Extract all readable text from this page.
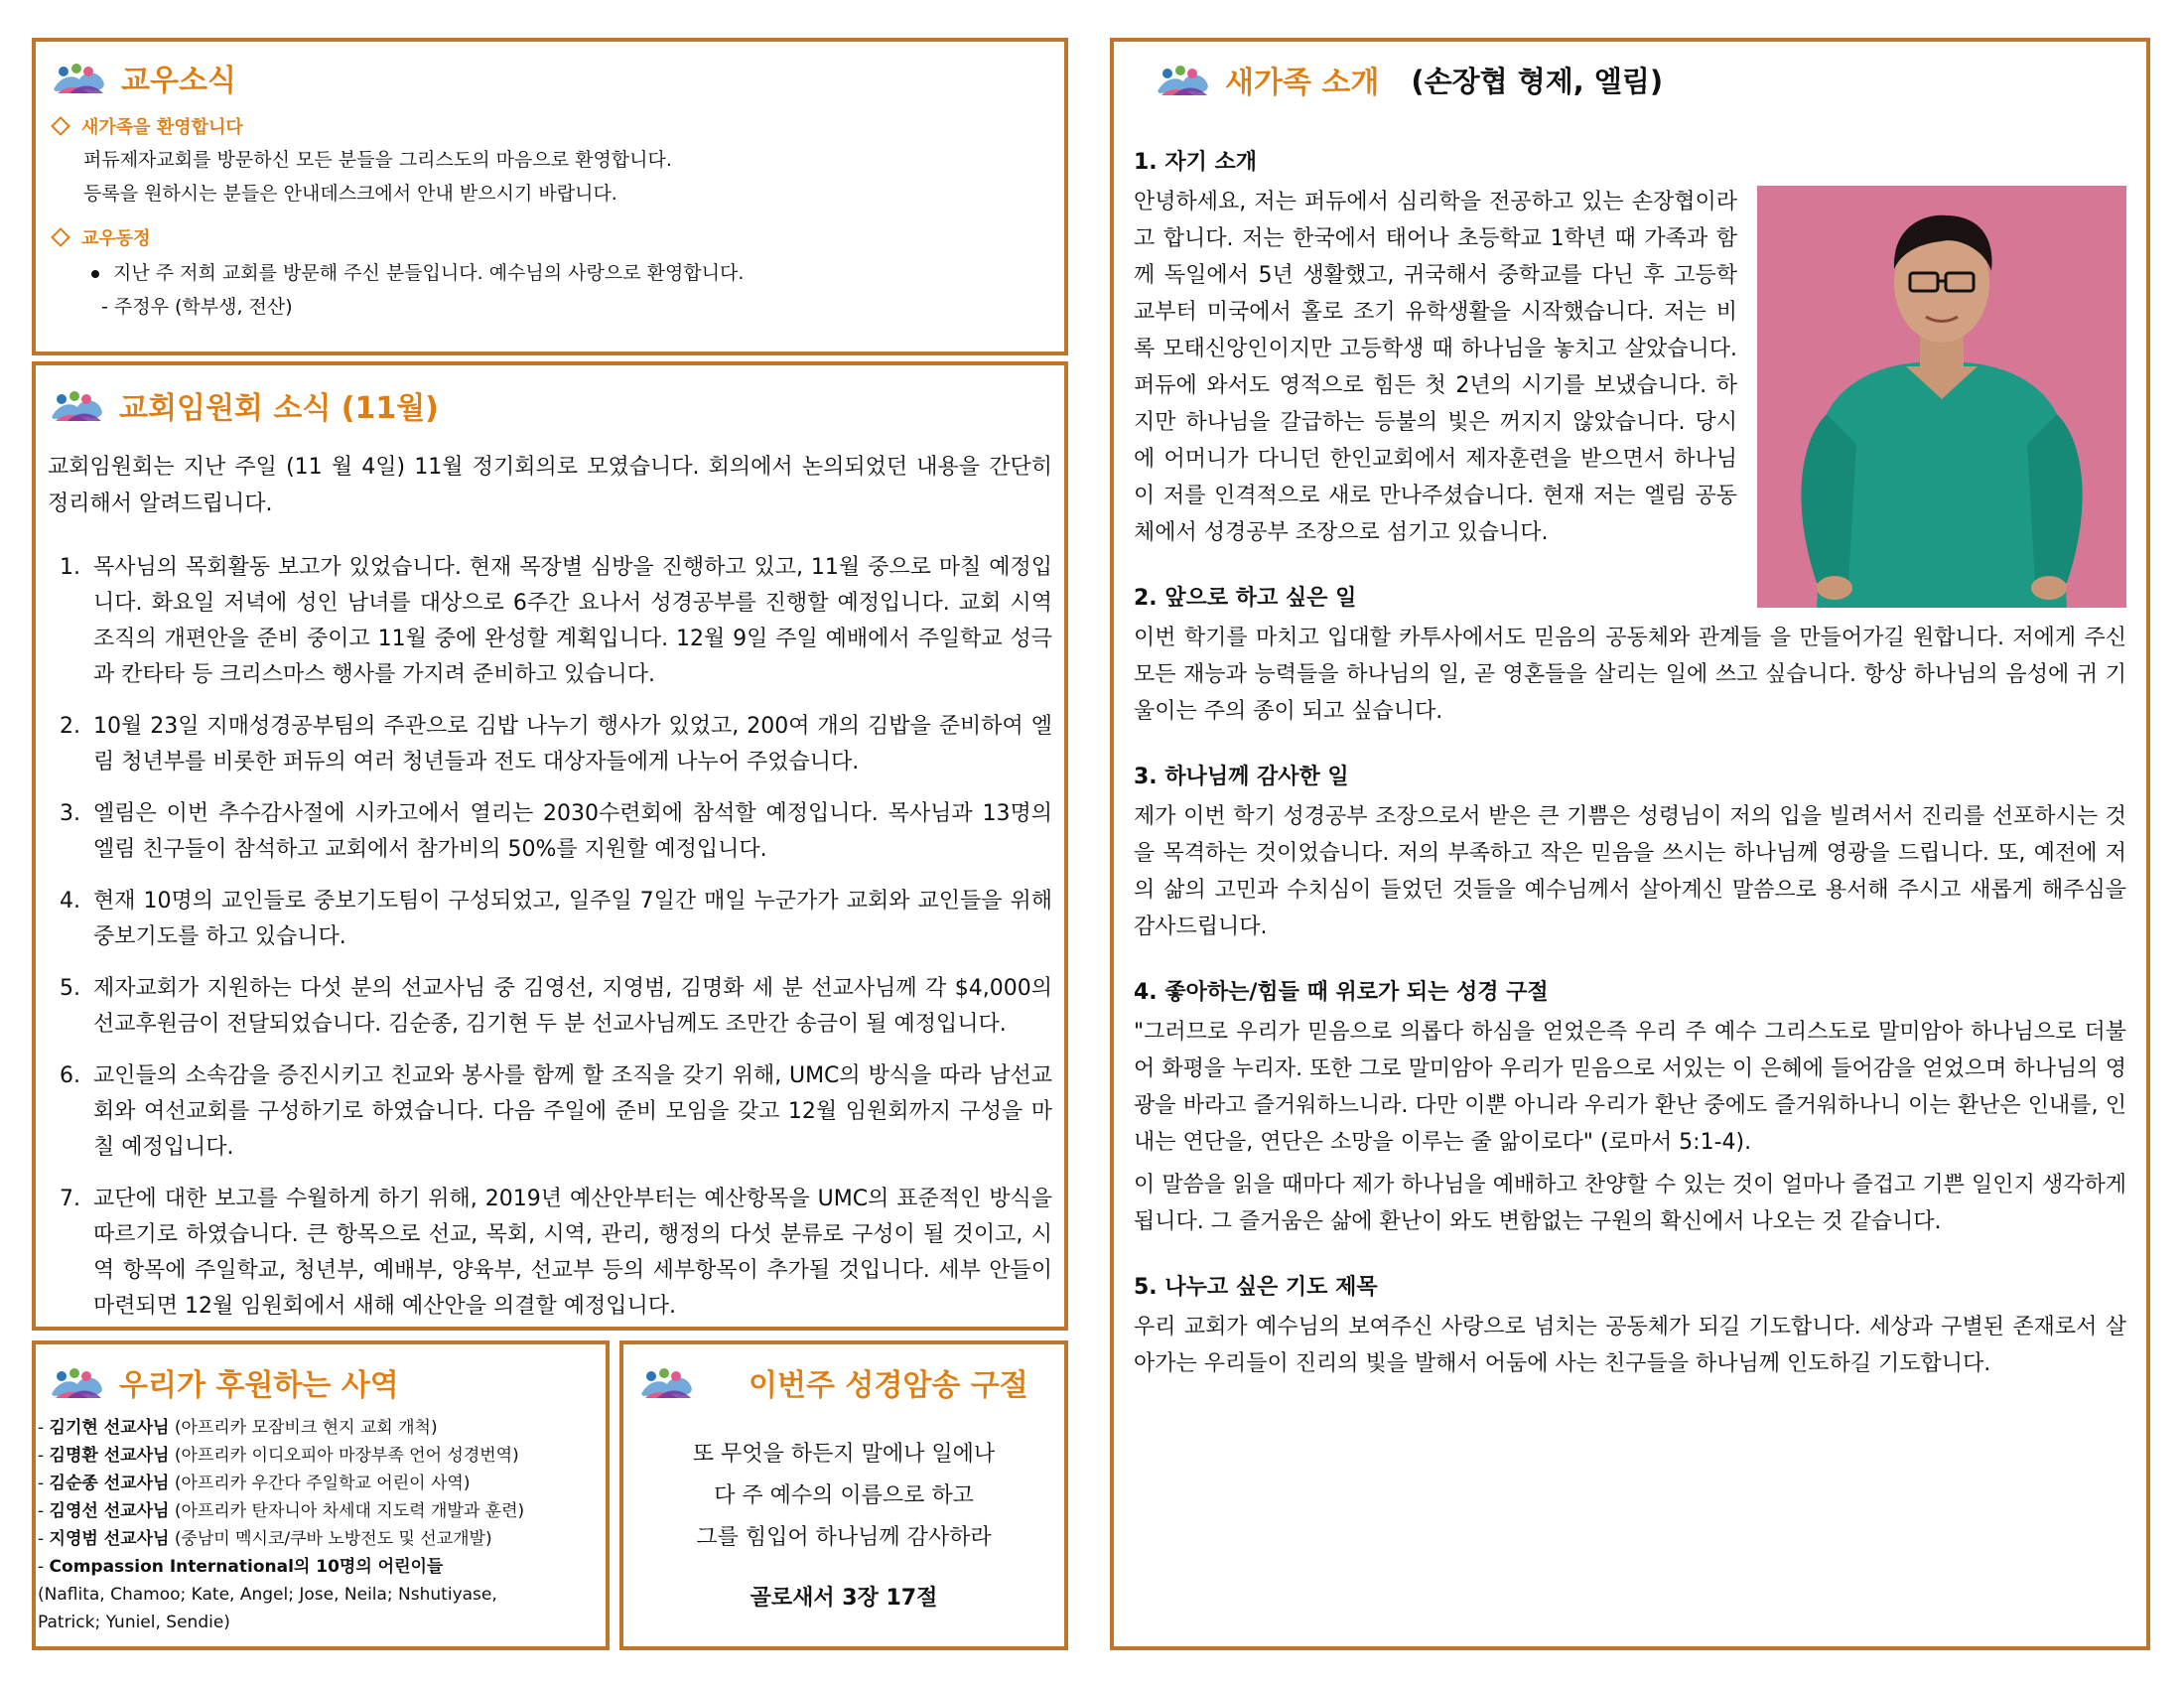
교우소식
새가족을 환영합니다
퍼듀제자교회를 방문하신 모든 분들을 그리스도의 마음으로 환영합니다.
등록을 원하시는 분들은 안내데스크에서 안내 받으시기 바랍니다.
교우동정
지난 주 저희 교회를 방문해 주신 분들입니다. 예수님의 사랑으로 환영합니다.
- 주정우 (학부생, 전산)
교회임원회 소식 (11월)
교회임원회는 지난 주일 (11 월 4일) 11월 정기회의로 모였습니다. 회의에서 논의되었던 내용을 간단히 정리해서 알려드립니다.
1. 목사님의 목회활동 보고가 있었습니다. 현재 목장별 심방을 진행하고 있고, 11월 중으로 마칠 예정입니다. 화요일 저녁에 성인 남녀를 대상으로 6주간 요나서 성경공부를 진행할 예정입니다. 교회 시역 조직의 개편안을 준비 중이고 11월 중에 완성할 계획입니다. 12월 9일 주일 예배에서 주일학교 성극과 칸타타 등 크리스마스 행사를 가지려 준비하고 있습니다.
2. 10월 23일 지매성경공부팀의 주관으로 김밥 나누기 행사가 있었고, 200여 개의 김밥을 준비하여 엘림 청년부를 비롯한 퍼듀의 여러 청년들과 전도 대상자들에게 나누어 주었습니다.
3. 엘림은 이번 추수감사절에 시카고에서 열리는 2030수련회에 참석할 예정입니다. 목사님과 13명의 엘림 친구들이 참석하고 교회에서 참가비의 50%를 지원할 예정입니다.
4. 현재 10명의 교인들로 중보기도팀이 구성되었고, 일주일 7일간 매일 누군가가 교회와 교인들을 위해 중보기도를 하고 있습니다.
5. 제자교회가 지원하는 다섯 분의 선교사님 중 김영선, 지영범, 김명화 세 분 선교사님께 각 $4,000의 선교후원금이 전달되었습니다. 김순종, 김기현 두 분 선교사님께도 조만간 송금이 될 예정입니다.
6. 교인들의 소속감을 증진시키고 친교와 봉사를 함께 할 조직을 갖기 위해, UMC의 방식을 따라 남선교회와 여선교회를 구성하기로 하였습니다. 다음 주일에 준비 모임을 갖고 12월 임원회까지 구성을 마칠 예정입니다.
7. 교단에 대한 보고를 수월하게 하기 위해, 2019년 예산안부터는 예산항목을 UMC의 표준적인 방식을 따르기로 하였습니다. 큰 항목으로 선교, 목회, 시역, 관리, 행정의 다섯 분류로 구성이 될 것이고, 시역 항목에 주일학교, 청년부, 예배부, 양육부, 선교부 등의 세부항목이 추가될 것입니다. 세부 안들이 마련되면 12월 임원회에서 새해 예산안을 의결할 예정입니다.
우리가 후원하는 사역
- 김기현 선교사님 (아프리카 모잠비크 현지 교회 개척)
- 김명환 선교사님 (아프리카 이디오피아 마장부족 언어 성경번역)
- 김순종 선교사님 (아프리카 우간다 주일학교 어린이 사역)
- 김영선 선교사님 (아프리카 탄자니아 차세대 지도력 개발과 훈련)
- 지영범 선교사님 (중남미 멕시코/쿠바 노방전도 및 선교개발)
- Compassion International의 10명의 어린이들
(Naflita, Chamoo; Kate, Angel; Jose, Neila; Nshutiyase,
Patrick; Yuniel, Sendie)
이번주 성경암송 구절
또 무엇을 하든지 말에나 일에나
다 주 예수의 이름으로 하고
그를 힘입어 하나님께 감사하라
골로새서 3장 17절
새가족 소개 (손장협 형제, 엘림)
1. 자기 소개
안녕하세요, 저는 퍼듀에서 심리학을 전공하고 있는 손장협이라고 합니다. 저는 한국에서 태어나 초등학교 1학년 때 가족과 함께 독일에서 5년 생활했고, 귀국해서 중학교를 다닌 후 고등학교부터 미국에서 홀로 조기 유학생활을 시작했습니다. 저는 비록 모태신앙인이지만 고등학생 때 하나님을 놓치고 살았습니다. 퍼듀에 와서도 영적으로 힘든 첫 2년의 시기를 보냈습니다. 하지만 하나님을 갈급하는 등불의 빛은 꺼지지 않았습니다. 당시에 어머니가 다니던 한인교회에서 제자훈련을 받으면서 하나님이 저를 인격적으로 새로 만나주셨습니다. 현재 저는 엘림 공동체에서 성경공부 조장으로 섬기고 있습니다.
2. 앞으로 하고 싶은 일
이번 학기를 마치고 입대할 카투사에서도 믿음의 공동체와 관계들 을 만들어가길 원합니다. 저에게 주신 모든 재능과 능력들을 하나님의 일, 곧 영혼들을 살리는 일에 쓰고 싶습니다. 항상 하나님의 음성에 귀 기울이는 주의 종이 되고 싶습니다.
3. 하나님께 감사한 일
제가 이번 학기 성경공부 조장으로서 받은 큰 기쁨은 성령님이 저의 입을 빌려서서 진리를 선포하시는 것을 목격하는 것이었습니다. 저의 부족하고 작은 믿음을 쓰시는 하나님께 영광을 드립니다. 또, 예전에 저의 삶의 고민과 수치심이 들었던 것들을 예수님께서 살아계신 말씀으로 용서해 주시고 새롭게 해주심을 감사드립니다.
4. 좋아하는/힘들 때 위로가 되는 성경 구절
"그러므로 우리가 믿음으로 의롭다 하심을 얻었은즉 우리 주 예수 그리스도로 말미암아 하나님으로 더불어 화평을 누리자. 또한 그로 말미암아 우리가 믿음으로 서있는 이 은혜에 들어감을 얻었으며 하나님의 영광을 바라고 즐거워하느니라. 다만 이뿐 아니라 우리가 환난 중에도 즐거워하나니 이는 환난은 인내를, 인내는 연단을, 연단은 소망을 이루는 줄 앎이로다" (로마서 5:1-4).
이 말씀을 읽을 때마다 제가 하나님을 예배하고 찬양할 수 있는 것이 얼마나 즐겁고 기쁜 일인지 생각하게 됩니다. 그 즐거움은 삶에 환난이 와도 변함없는 구원의 확신에서 나오는 것 같습니다.
5. 나누고 싶은 기도 제목
우리 교회가 예수님의 보여주신 사랑으로 넘치는 공동체가 되길 기도합니다. 세상과 구별된 존재로서 살아가는 우리들이 진리의 빛을 발해서 어둠에 사는 친구들을 하나님께 인도하길 기도합니다.
